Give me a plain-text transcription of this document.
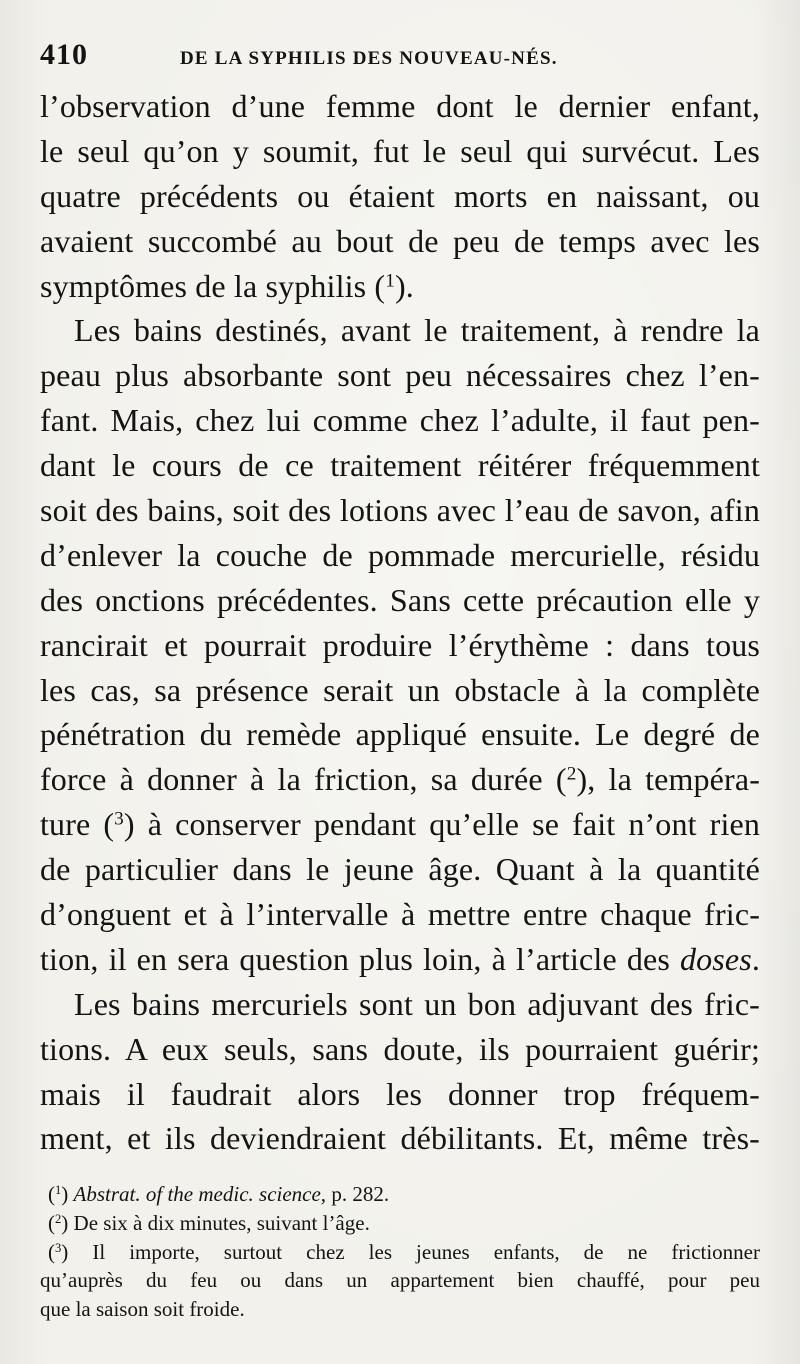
410	DE LA SYPHILIS DES NOUVEAU-NÉS.
l’observation d’une femme dont le dernier enfant,
le seul qu’on y soumit, fut le seul qui survécut. Les
quatre précédents ou étaient morts en naissant, ou
avaient succombé au bout de peu de temps avec les
symptômes de la syphilis ($^1$).
Les bains destinés, avant le traitement, à rendre la
peau plus absorbante sont peu nécessaires chez l’en-
fant. Mais, chez lui comme chez l’adulte, il faut pen-
dant le cours de ce traitement réitérer fréquemment
soit des bains, soit des lotions avec l’eau de savon, afin
d’enlever la couche de pommade mercurielle, résidu
des onctions précédentes. Sans cette précaution elle y
rancirait et pourrait produire l’érythème : dans tous
les cas, sa présence serait un obstacle à la complète
pénétration du remède appliqué ensuite. Le degré de
force à donner à la friction, sa durée ($^2$), la tempéra-
ture ($^3$) à conserver pendant qu’elle se fait n’ont rien
de particulier dans le jeune âge. Quant à la quantité
d’onguent et à l’intervalle à mettre entre chaque fric-
tion, il en sera question plus loin, à l’article des doses.
Les bains mercuriels sont un bon adjuvant des fric-
tions. A eux seuls, sans doute, ils pourraient guérir;
mais il faudrait alors les donner trop fréquem-
ment, et ils deviendraient débilitants. Et, même très-
($^1$) Abstrat. of the medic. science, p. 282.
($^2$) De six à dix minutes, suivant l’âge.
($^3$) Il importe, surtout chez les jeunes enfants, de ne frictionner
qu’auprès du feu ou dans un appartement bien chauffé, pour peu
que la saison soit froide.
